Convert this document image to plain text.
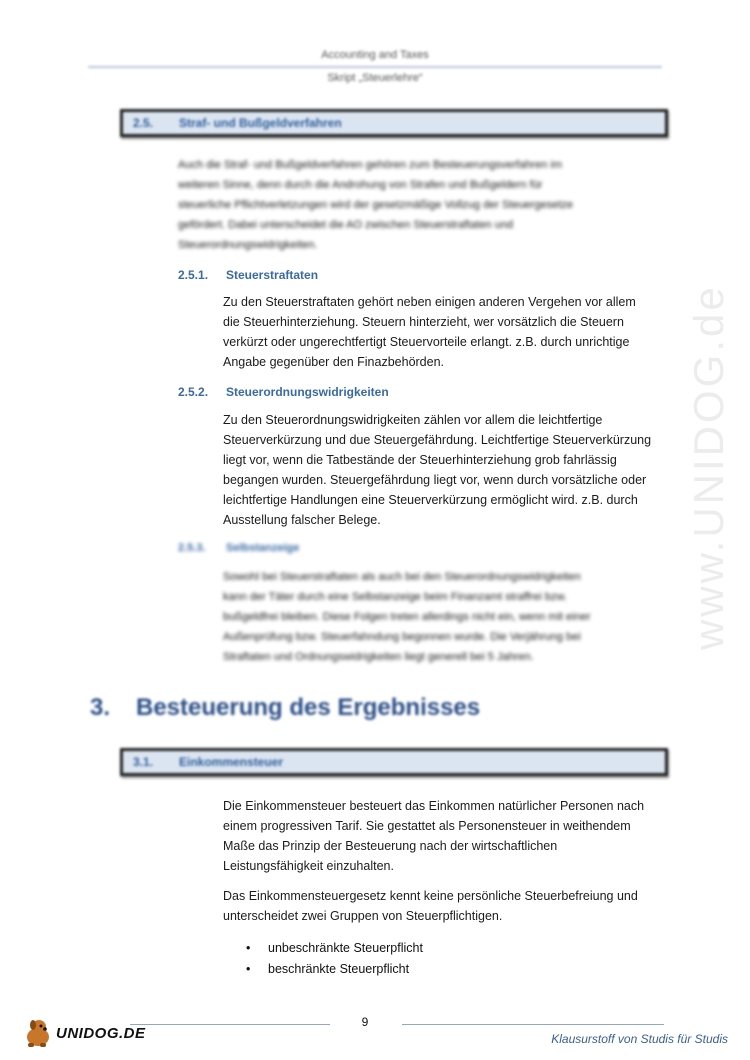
Accounting and Taxes
Skript „Steuerlehre“
2.5. Straf- und Bußgeldverfahren

Auch die Straf- und Bußgeldverfahren gehören zum Besteuerungsverfahren im

weiteren Sinne, denn durch die Androhung von Strafen und Bußgeldern für

steuerliche Pflichtverletzungen wird der gesetzmäßige Vollzug der Steuergesetze

gefördert. Dabei unterscheidet die AO zwischen Steuerstraftaten und

Steuerordnungswidrigkeiten.

2.5.1. Steuerstraftaten

Zu den Steuerstraftaten gehört neben einigen anderen Vergehen vor allem

die Steuerhinterziehung. Steuern hinterzieht, wer vorsätzlich die Steuern

verkürzt oder ungerechtfertigt Steuervorteile erlangt. z.B. durch unrichtige

Angabe gegenüber den Finazbehörden.

2.5.2. Steuerordnungswidrigkeiten

Zu den Steuerordnungswidrigkeiten zählen vor allem die leichtfertige

Steuerverkürzung und due Steuergefährdung. Leichtfertige Steuerverkürzung

liegt vor, wenn die Tatbestände der Steuerhinterziehung grob fahrlässig

begangen wurden. Steuergefährdung liegt vor, wenn durch vorsätzliche oder

leichtfertige Handlungen eine Steuerverkürzung ermöglicht wird. z.B. durch

Ausstellung falscher Belege.

2.5.3. Selbstanzeige

Sowohl bei Steuerstraftaten als auch bei den Steuerordnungswidrigkeiten

kann der Täter durch eine Selbstanzeige beim Finanzamt straffrei bzw.

bußgeldfrei bleiben. Diese Folgen treten allerdings nicht ein, wenn mit einer

Außenprüfung bzw. Steuerfahndung begonnen wurde. Die Verjährung bei

Straftaten und Ordnungswidrigkeiten liegt generell bei 5 Jahren.

www.UNIDOG.de
3. Besteuerung des Ergebnisses
3.1. Einkommensteuer

Die Einkommensteuer besteuert das Einkommen natürlicher Personen nach

einem progressiven Tarif. Sie gestattet als Personensteuer in weithendem

Maße das Prinzip der Besteuerung nach der wirtschaftlichen

Leistungsfähigkeit einzuhalten.

Das Einkommensteuergesetz kennt keine persönliche Steuerbefreiung und

unterscheidet zwei Gruppen von Steuerpflichtigen.

• unbeschränkte Steuerpflicht
• beschränkte Steuerpflicht
UNIDOG.DE
9
Klausurstoff von Studis für Studis
